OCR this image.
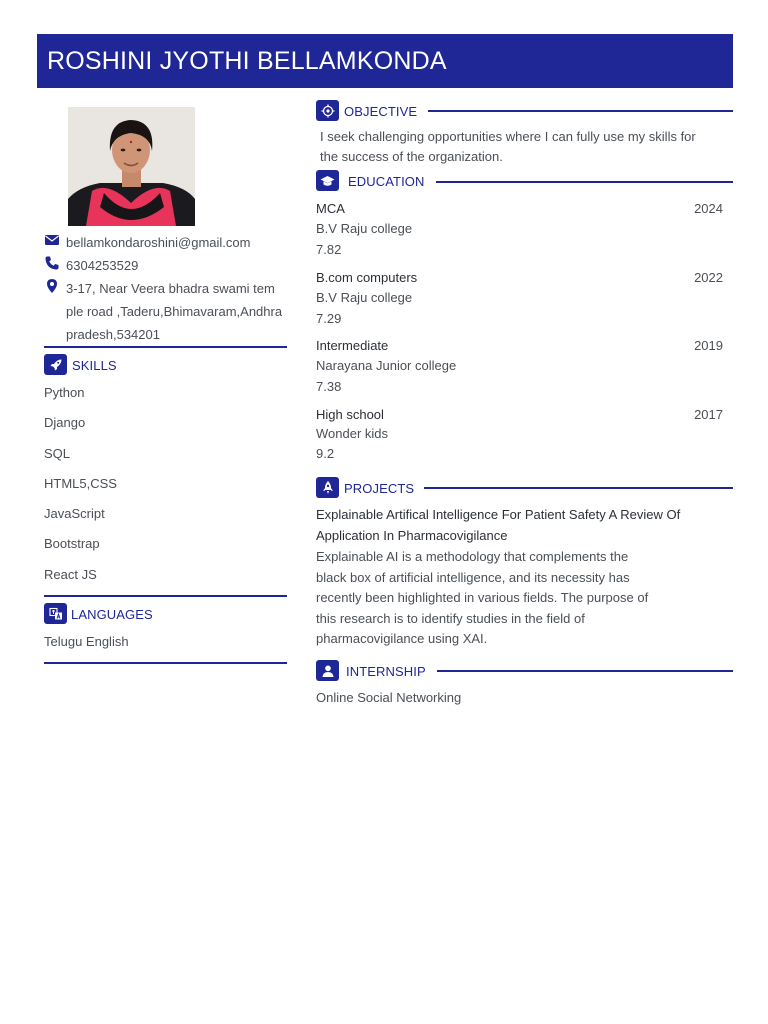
ROSHINI JYOTHI BELLAMKONDA
bellamkondaroshini@gmail.com
6304253529
3-17, Near Veera bhadra swami tem
ple road ,Taderu,Bhimavaram,Andhra
pradesh,534201
SKILLS
Python
Django
SQL
HTML5,CSS
JavaScript
Bootstrap
React JS
LANGUAGES
Telugu English
OBJECTIVE
I seek challenging opportunities where I can fully use my skills for
the success of the organization.
EDUCATION
MCA	2024
B.V Raju college
7.82
B.com computers	2022
B.V Raju college
7.29
Intermediate	2019
Narayana Junior college
7.38
High school	2017
Wonder kids
9.2
PROJECTS
Explainable Artifical Intelligence For Patient Safety A Review Of
Application In Pharmacovigilance
Explainable AI is a methodology that complements the
black box of artificial intelligence, and its necessity has
recently been highlighted in various fields. The purpose of
this research is to identify studies in the field of
pharmacovigilance using XAI.
INTERNSHIP
Online Social Networking
